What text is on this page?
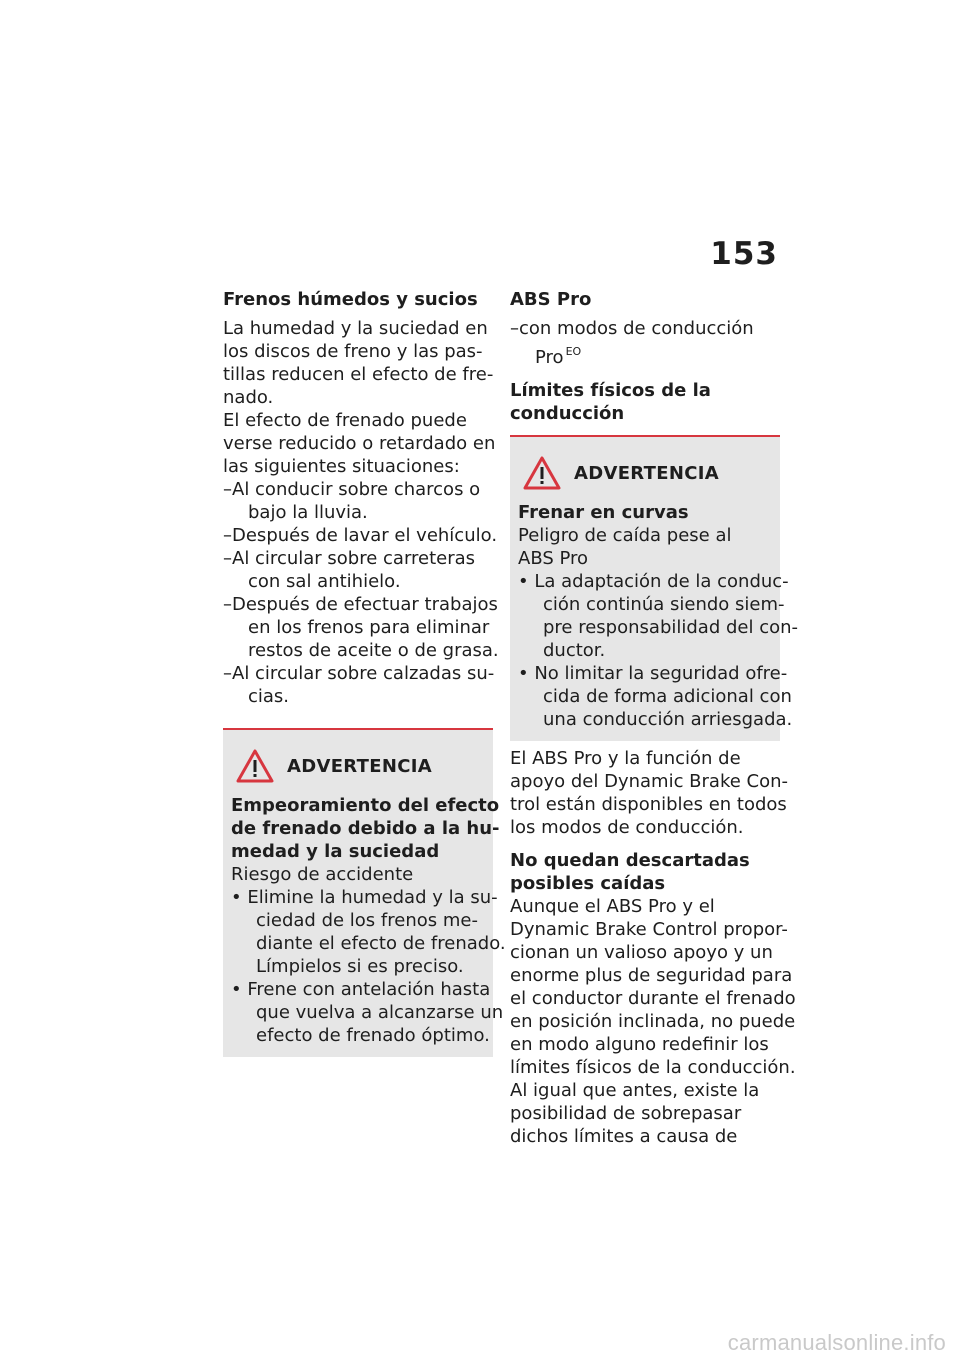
153
Frenos húmedos y sucios
La humedad y la suciedad en
los discos de freno y las pas-
tillas reducen el efecto de fre-
nado.
El efecto de frenado puede
verse reducido o retardado en
las siguientes situaciones:
–Al conducir sobre charcos o
bajo la lluvia.
–Después de lavar el vehículo.
–Al circular sobre carreteras
con sal antihielo.
–Después de efectuar trabajos
en los frenos para eliminar
restos de aceite o de grasa.
–Al circular sobre calzadas su-
cias.
ADVERTENCIA
Empeoramiento del efecto
de frenado debido a la hu-
medad y la suciedad
Riesgo de accidente
• Elimine la humedad y la su-
ciedad de los frenos me-
diante el efecto de frenado.
Límpielos si es preciso.
• Frene con antelación hasta
que vuelva a alcanzarse un
efecto de frenado óptimo.
ABS Pro
–con modos de conducción
Pro $^{EO}$
Límites físicos de la
conducción
ADVERTENCIA
Frenar en curvas
Peligro de caída pese al
ABS Pro
• La adaptación de la conduc-
ción continúa siendo siem-
pre responsabilidad del con-
ductor.
• No limitar la seguridad ofre-
cida de forma adicional con
una conducción arriesgada.
El ABS Pro y la función de
apoyo del Dynamic Brake Con-
trol están disponibles en todos
los modos de conducción.
No quedan descartadas
posibles caídas
Aunque el ABS Pro y el
Dynamic Brake Control propor-
cionan un valioso apoyo y un
enorme plus de seguridad para
el conductor durante el frenado
en posición inclinada, no puede
en modo alguno redefinir los
límites físicos de la conducción.
Al igual que antes, existe la
posibilidad de sobrepasar
dichos límites a causa de
carmanualsonline.info
